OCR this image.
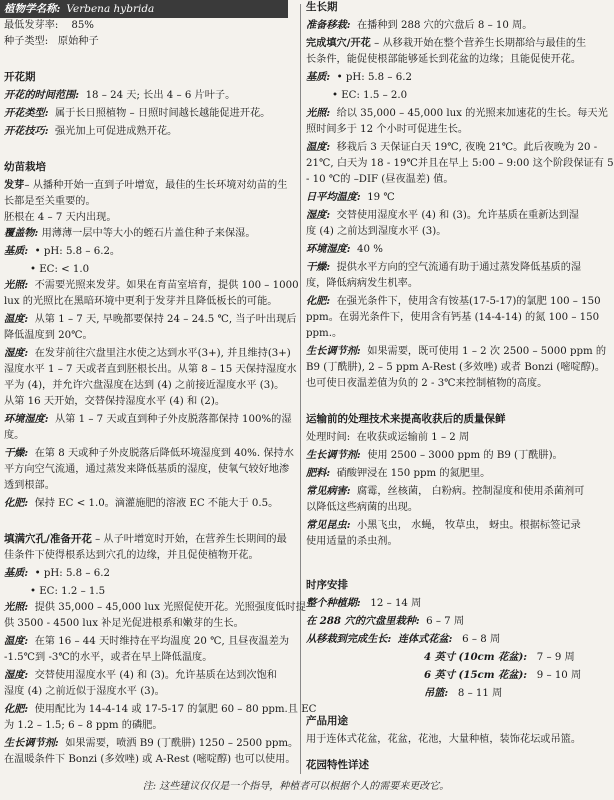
植物学名称: Verbena hybrida
最低发芽率: 85%
种子类型: 原始种子
开花期
开花的时间范围: 18 – 24 天; 长出 4 – 6 片叶子。
开花类型: 属于长日照植物 – 日照时间越长越能促进开花。
开花技巧: 强光加上可促进成熟开花。
幼苗栽培
发芽– 从播种开始一直到子叶增宽，最佳的生长环境对幼苗的生
长都是至关重要的。
胚根在 4 – 7 天内出现。
覆盖物: 用薄薄一层中等大小的蛭石片盖住种子来保湿。
基质: • pH: 5.8 – 6.2。
• EC: < 1.0
光照: 不需要光照来发芽。如果在育苗室培育，提供 100 – 1000
lux 的光照比在黑暗环境中更利于发芽并且降低板长的可能。
温度: 从第 1 – 7 天, 早晚都要保持 24 – 24.5 ℃, 当子叶出现后
降低温度到 20℃。
湿度: 在发芽前往穴盘里注水使之达到水平(3+), 并且维持(3+)
湿度水平 1 – 7 天或者直到胚根长出。从第 8 – 15 天保持湿度水
平为 (4)，并允许穴盘湿度在达到 (4) 之前接近湿度水平 (3)。
从第 16 天开始，交替保持湿度水平 (4) 和 (2)。
环境湿度: 从第 1 – 7 天或直到种子外皮脱落都保持 100%的湿
度。
干燥: 在第 8 天或种子外皮脱落后降低环境湿度到 40%. 保持水
平方向空气流通，通过蒸发来降低基质的湿度，使氧气较好地渗
透到根部。
化肥: 保持 EC < 1.0。滴灌施肥的溶液 EC 不能大于 0.5。
填满穴孔/准备开花 – 从子叶增宽时开始，在营养生长期间的最
佳条件下使得根系达到穴孔的边缘，并且促使植物开花。
基质: • pH: 5.8 – 6.2
• EC: 1.2 – 1.5
光照: 提供 35,000 – 45,000 lux 光照促使开花。光照强度低时提
供 3500 - 4500 lux 补足光促进根系和嫩芽的生长。
温度: 在第 16 – 44 天时维持在平均温度 20 ℃, 且昼夜温差为
-1.5℃到 -3℃的水平，或者在早上降低温度。
湿度: 交替使用湿度水平 (4) 和 (3)。允许基质在达到次饱和
湿度 (4) 之前近似于湿度水平 (3)。
化肥: 使用配比为 14-4-14 或 17-5-17 的氯肥 60 – 80 ppm.且 EC
为 1.2 – 1.5; 6 – 8 ppm 的磷肥。
生长调节剂: 如果需要，喷洒 B9 (丁酰肼) 1250 – 2500 ppm。
在温暖条件下 Bonzi (多效唑) 或 A-Rest (嘧啶醇) 也可以使用。
生长期
准备移栽: 在播种到 288 穴的穴盘后 8 – 10 周。
完成填穴/开花 – 从移栽开始在整个营养生长期都给与最佳的生
长条件，能促使根部能够延长到花盆的边缘；且能促使开花。
基质: • pH: 5.8 – 6.2
• EC: 1.5 – 2.0
光照: 给以 35,000 – 45,000 lux 的光照来加速花的生长。每天光
照时间多于 12 个小时可促进生长。
温度: 移栽后 3 天保证白天 19℃, 夜晚 21℃。此后夜晚为 20 -
21℃, 白天为 18 - 19℃并且在早上 5:00 – 9:00 这个阶段保证有 5
- 10 ℃的 –DIF (昼夜温差) 值。
日平均温度: 19 ℃
湿度: 交替使用湿度水平 (4) 和 (3)。允许基质在重新达到湿
度 (4) 之前达到湿度水平 (3)。
环境湿度: 40 %
干燥: 提供水平方向的空气流通有助于通过蒸发降低基质的湿
度，降低病病发生机率。
化肥: 在强光条件下，使用含有铵基(17-5-17)的氯肥 100 – 150
ppm。在弱光条件下，使用含有钙基 (14-4-14) 的氮 100 – 150
ppm.。
生长调节剂: 如果需要，既可使用 1 – 2 次 2500 – 5000 ppm 的
B9 (丁酰肼), 2 – 5 ppm A-Rest (多效唑) 或者 Bonzi (嘧啶醇)。
也可使日夜温差值为负的 2 - 3℃来控制植物的高度。
运输前的处理技术来提高收获后的质量保鲜
处理时间: 在收获或运输前 1 – 2 周
生长调节剂: 使用 2500 – 3000 ppm 的 B9 (丁酰肼)。
肥料: 硝酸钾浸在 150 ppm 的氮肥里。
常见病害: 腐霉，丝核菌， 白粉病。控制湿度和使用杀菌剂可
以降低这些病菌的出现。
常见昆虫: 小黑飞虫， 水蝇， 牧草虫， 蚜虫。根据标签记录
使用适量的杀虫剂。
时序安排
整个种植期: 12 – 14 周
在 288 穴的穴盘里栽种: 6 – 7 周
从移栽到完成生长: 连体式花盆: 6 – 8 周
4 英寸 (10cm 花盆): 7 – 9 周
6 英寸 (15cm 花盆): 9 – 10 周
吊篮: 8 – 11 周
产品用途
用于连体式花盆，花盆，花池，大量种植，装饰花坛或吊篮。
花园特性详述
注: 这些建议仅仅是一个指导，种植者可以根据个人的需要来更改它。
